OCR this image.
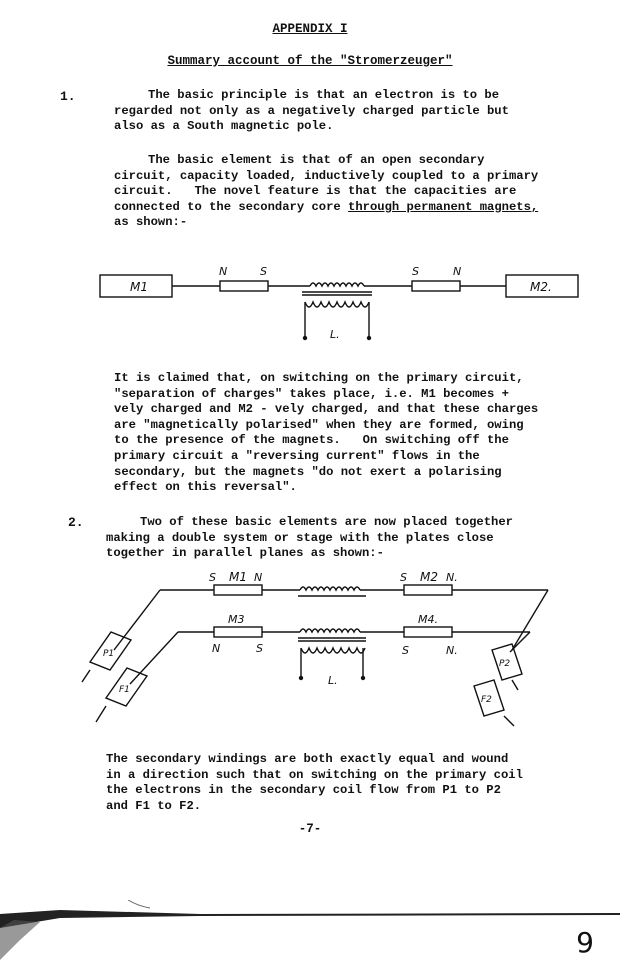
APPENDIX I
Summary account of the "Stromerzeuger"
1.	The basic principle is that an electron is to be
regarded not only as a negatively charged particle but
also as a South magnetic pole.
The basic element is that of an open secondary
circuit, capacity loaded, inductively coupled to a primary
circuit.   The novel feature is that the capacities are
connected to the secondary core through permanent magnets,
as shown:-
M1	M2.
N	S	S	N
L.
It is claimed that, on switching on the primary circuit,
"separation of charges" takes place, i.e. M1 becomes +
vely charged and M2 - vely charged, and that these charges
are "magnetically polarised" when they are formed, owing
to the presence of the magnets.   On switching off the
primary circuit a "reversing current" flows in the
secondary, but the magnets "do not exert a polarising
effect on this reversal".
2.	Two of these basic elements are now placed together
making a double system or stage with the plates close
together in parallel planes as shown:-
S M1 N	S M2 N.
M3
N	S
M4.
S	N.
L.
P1
F1
P2
F2
The secondary windings are both exactly equal and wound
in a direction such that on switching on the primary coil
the electrons in the secondary coil flow from P1 to P2
and F1 to F2.
-7-
9
